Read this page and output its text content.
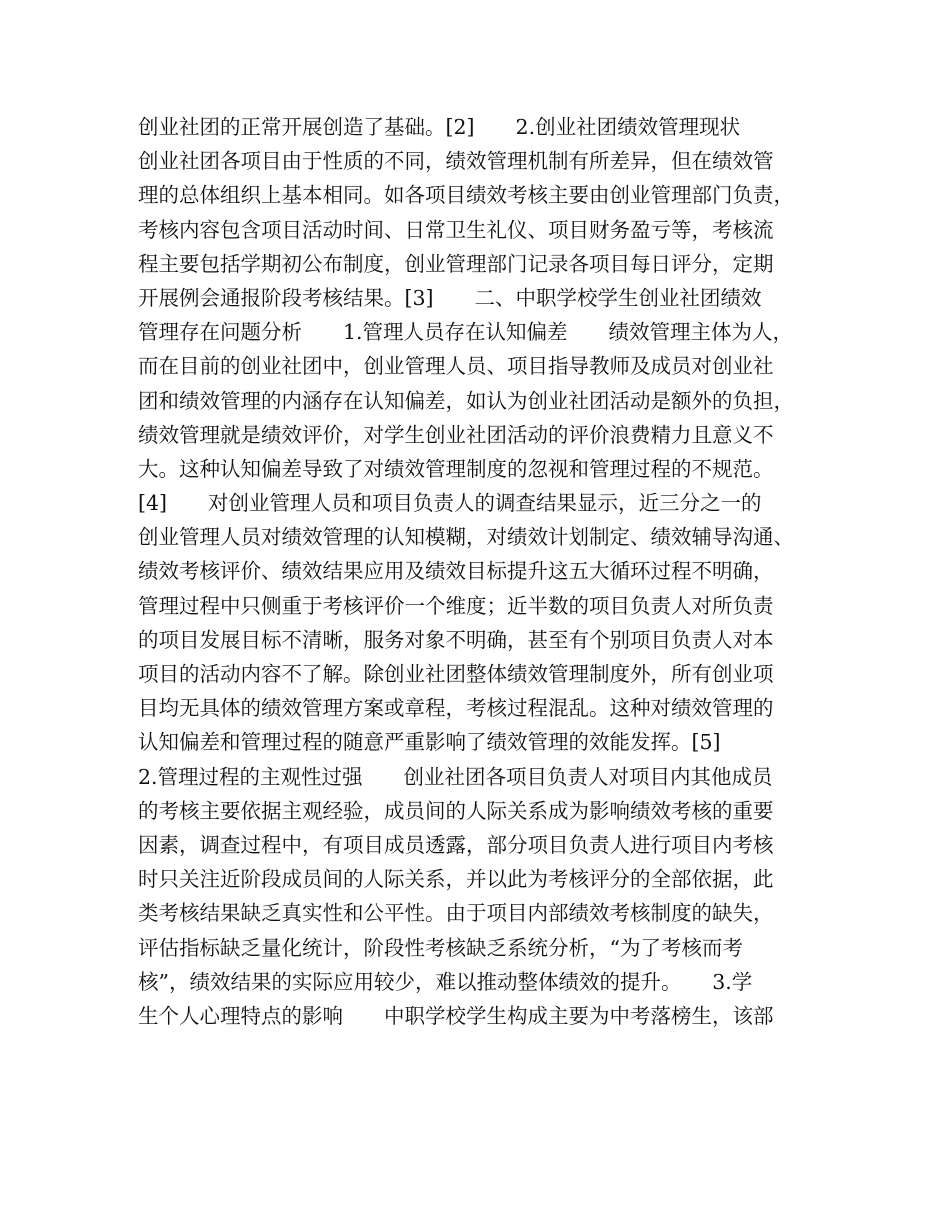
创业社团的正常开展创造了基础。[2]　　2.创业社团绩效管理现状
创业社团各项目由于性质的不同，绩效管理机制有所差异，但在绩效管
理的总体组织上基本相同。如各项目绩效考核主要由创业管理部门负责，
考核内容包含项目活动时间、日常卫生礼仪、项目财务盈亏等，考核流
程主要包括学期初公布制度，创业管理部门记录各项目每日评分，定期
开展例会通报阶段考核结果。[3]　　二、中职学校学生创业社团绩效
管理存在问题分析　　1.管理人员存在认知偏差　　绩效管理主体为人，
而在目前的创业社团中，创业管理人员、项目指导教师及成员对创业社
团和绩效管理的内涵存在认知偏差，如认为创业社团活动是额外的负担，
绩效管理就是绩效评价，对学生创业社团活动的评价浪费精力且意义不
大。这种认知偏差导致了对绩效管理制度的忽视和管理过程的不规范。
[4]　　对创业管理人员和项目负责人的调查结果显示，近三分之一的
创业管理人员对绩效管理的认知模糊，对绩效计划制定、绩效辅导沟通、
绩效考核评价、绩效结果应用及绩效目标提升这五大循环过程不明确，
管理过程中只侧重于考核评价一个维度；近半数的项目负责人对所负责
的项目发展目标不清晰，服务对象不明确，甚至有个别项目负责人对本
项目的活动内容不了解。除创业社团整体绩效管理制度外，所有创业项
目均无具体的绩效管理方案或章程，考核过程混乱。这种对绩效管理的
认知偏差和管理过程的随意严重影响了绩效管理的效能发挥。[5]
2.管理过程的主观性过强　　创业社团各项目负责人对项目内其他成员
的考核主要依据主观经验，成员间的人际关系成为影响绩效考核的重要
因素，调查过程中，有项目成员透露，部分项目负责人进行项目内考核
时只关注近阶段成员间的人际关系，并以此为考核评分的全部依据，此
类考核结果缺乏真实性和公平性。由于项目内部绩效考核制度的缺失，
评估指标缺乏量化统计，阶段性考核缺乏系统分析，“为了考核而考
核”，绩效结果的实际应用较少，难以推动整体绩效的提升。　　3.学
生个人心理特点的影响　　中职学校学生构成主要为中考落榜生，该部
